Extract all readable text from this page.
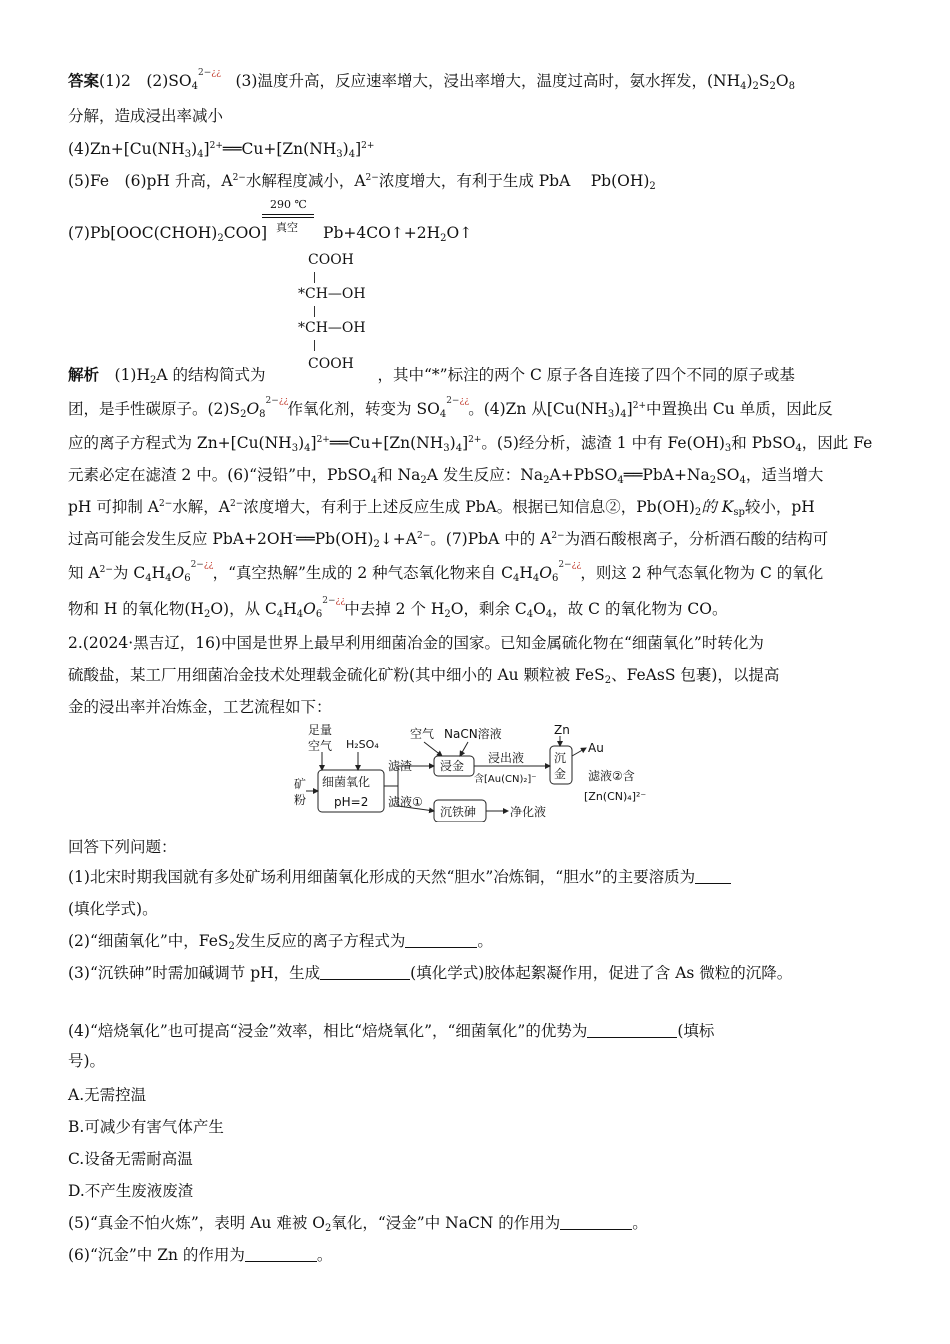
答案(1)2　$(2)SO_4$
2−¿¿ 　(3)温度升高，反应速率增大，浸出率增大，温度过高时，氨水挥发，$(NH_4)_2S_2O_8$
分解，造成浸出率减小
$(4)Zn+[Cu(NH_3)_4]^{2+}══Cu+[Zn(NH_3)_4]^{2+}$
(5)Fe　(6)pH 升高，$A^{2-}$水解程度减小，$A^{2-}$浓度增大，有利于生成 PbA　 $Pb(OH)_2$
$(7)Pb[OOC(CHOH)_2COO]$	$Pb+4CO↑+2H_2O↑$
290 ℃
真空
COOH
*CH—OH
*CH—OH
COOH
解析　$(1)H_2A$ 的结构简式为	，其中“*”标注的两个 C 原子各自连接了四个不同的原子或基
团，是手性碳原子。$(2)S_2O_8$
2−¿¿ 作氧化剂，转变为 $SO_4$
2−¿¿ 。(4)Zn 从$[Cu(NH_3)_4]^{2+}$中置换出 Cu 单质，因此反
应的离子方程式为 $Zn+[Cu(NH_3)_4]^{2+}══Cu+[Zn(NH_3)_4]^{2+}$。(5)经分析，滤渣 1 中有 $Fe(OH)_3$和 PbSO$_4$，因此 Fe
元素必定在滤渣 2 中。(6)“浸铅”中，PbSO$_4$和 $Na_2A$ 发生反应：$Na_2A+PbSO_4══PbA+Na_2SO_4$，适当增大
pH 可抑制 $A^{2-}$水解，$A^{2-}$浓度增大，有利于上述反应生成 PbA。根据已知信息②，$Pb(OH)_2$的 $K_{sp}$较小，pH
过高可能会发生反应 $PbA+2OH^-══Pb(OH)_2↓+A^{2-}$。(7)PbA 中的 $A^{2-}$为酒石酸根离子，分析酒石酸的结构可
知 $A^{2-}$为 $C_4H_4O_6$
2−¿¿ ，“真空热解”生成的 2 种气态氧化物来自 $C_4H_4O_6$
2−¿¿ ，则这 2 种气态氧化物为 C 的氧化
物和 H 的氧化物$(H_2O)$，从 $C_4H_4O_6$
2−¿¿ 中去掉 2 个 $H_2O$，剩余 $C_4O_4$，故 C 的氧化物为 CO。
2.(2024·黑吉辽，16)中国是世界上最早利用细菌冶金的国家。已知金属硫化物在“细菌氧化”时转化为
硫酸盐，某工厂用细菌冶金技术处理载金硫化矿粉(其中细小的 Au 颗粒被 FeS$_2$、FeAsS 包裹)，以提高
金的浸出率并冶炼金，工艺流程如下：
足量
空气 H₂SO₄
矿
粉
细菌氧化
pH=2
滤渣
空气 NaCN溶液
浸金
浸出液
含[Au(CN)₂]⁻
Zn
沉
金
Au
滤液②含
[Zn(CN)₄]²⁻
滤液①
沉铁砷	净化液
回答下列问题：
(1)北宋时期我国就有多处矿场利用细菌氧化形成的天然“胆水”冶炼铜，“胆水”的主要溶质为
(填化学式)。
(2)“细菌氧化”中，FeS$_2$发生反应的离子方程式为	。
(3)“沉铁砷”时需加碱调节 pH，生成	(填化学式)胶体起絮凝作用，促进了含 As 微粒的沉降。
(4)“焙烧氧化”也可提高“浸金”效率，相比“焙烧氧化”，“细菌氧化”的优势为	(填标
号)。
A.无需控温
B.可减少有害气体产生
C.设备无需耐高温
D.不产生废液废渣
(5)“真金不怕火炼”，表明 Au 难被 $O_2$氧化，“浸金”中 NaCN 的作用为	。
(6)“沉金”中 Zn 的作用为	。
